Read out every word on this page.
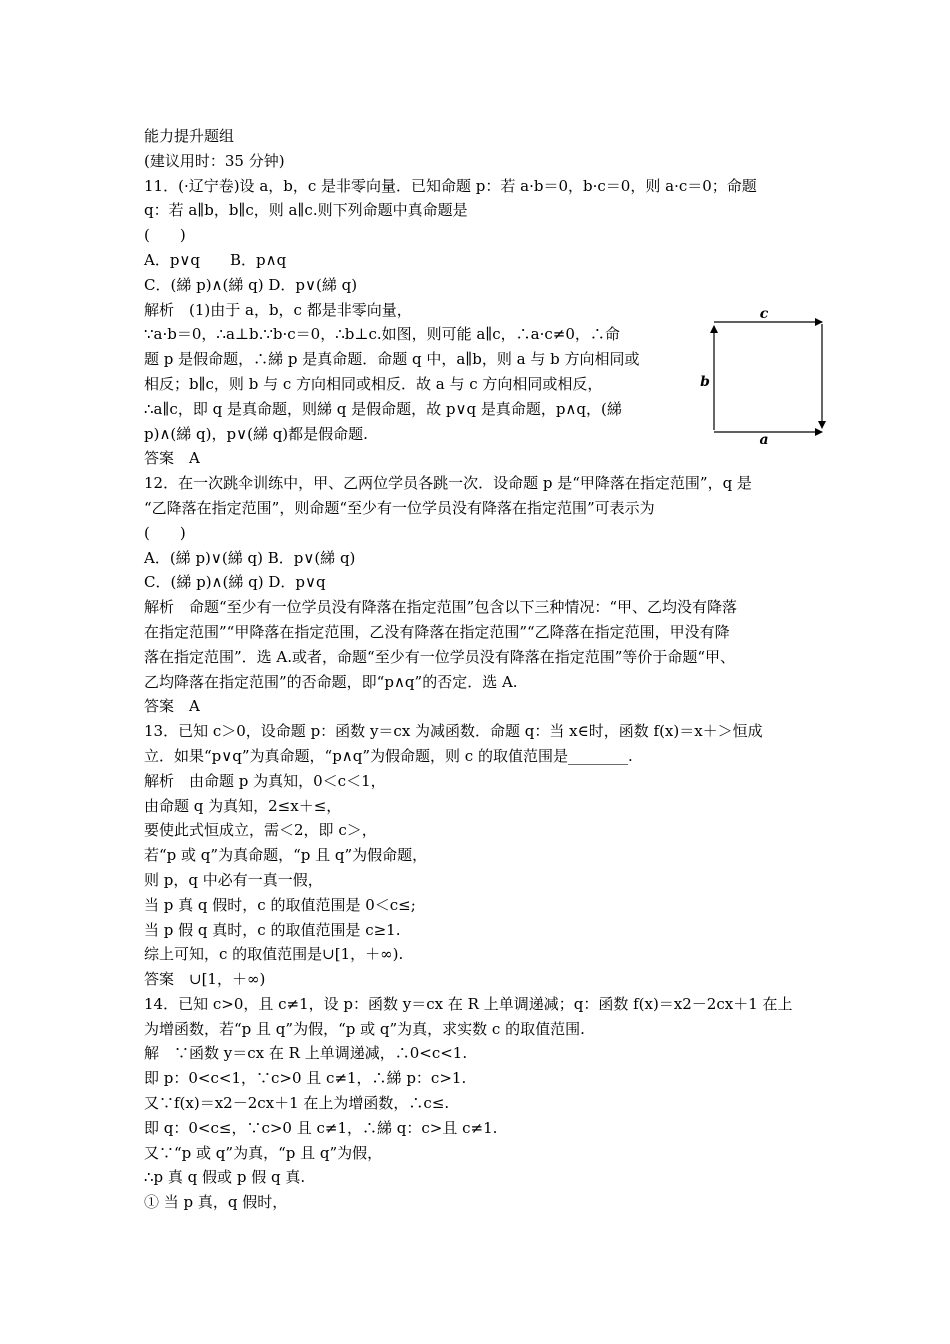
能力提升题组
(建议用时：35 分钟)
11．(·辽宁卷)设 a，b，c 是非零向量．已知命题 p：若 a·b＝0，b·c＝0，则 a·c＝0；命题
q：若 a∥b，b∥c，则 a∥c.则下列命题中真命题是
(　　)
A．p∨q　　B．p∧q
C．(綈 p)∧(綈 q) D．p∨(綈 q)
解析　(1)由于 a，b，c 都是非零向量，
∵a·b＝0，∴a⊥b.∵b·c＝0，∴b⊥c.如图，则可能 a∥c，∴a·c≠0，∴命
题 p 是假命题，∴綈 p 是真命题．命题 q 中，a∥b，则 a 与 b 方向相同或
相反；b∥c，则 b 与 c 方向相同或相反．故 a 与 c 方向相同或相反，
∴a∥c，即 q 是真命题，则綈 q 是假命题，故 p∨q 是真命题，p∧q，(綈
p)∧(綈 q)，p∨(綈 q)都是假命题.
答案　A
12．在一次跳伞训练中，甲、乙两位学员各跳一次．设命题 p 是“甲降落在指定范围”，q 是
“乙降落在指定范围”，则命题“至少有一位学员没有降落在指定范围”可表示为
(　　)
A．(綈 p)∨(綈 q) B．p∨(綈 q)
C．(綈 p)∧(綈 q) D．p∨q
解析　命题“至少有一位学员没有降落在指定范围”包含以下三种情况：“甲、乙均没有降落
在指定范围”“甲降落在指定范围，乙没有降落在指定范围”“乙降落在指定范围，甲没有降
落在指定范围”．选 A.或者，命题“至少有一位学员没有降落在指定范围”等价于命题“甲、
乙均降落在指定范围”的否命题，即“p∧q”的否定．选 A.
答案　A
13．已知 c＞0，设命题 p：函数 y＝cx 为减函数．命题 q：当 x∈时，函数 f(x)＝x＋＞恒成
立．如果“p∨q”为真命题，“p∧q”为假命题，则 c 的取值范围是________.
解析　由命题 p 为真知，0＜c＜1，
由命题 q 为真知，2≤x＋≤，
要使此式恒成立，需＜2，即 c＞，
若“p 或 q”为真命题，“p 且 q”为假命题，
则 p，q 中必有一真一假，
当 p 真 q 假时，c 的取值范围是 0＜c≤;
当 p 假 q 真时，c 的取值范围是 c≥1.
综上可知，c 的取值范围是∪[1，＋∞).
答案　∪[1，＋∞)
14．已知 c>0，且 c≠1，设 p：函数 y＝cx 在 R 上单调递减；q：函数 f(x)＝x2－2cx＋1 在上
为增函数，若“p 且 q”为假，“p 或 q”为真，求实数 c 的取值范围.
解　∵函数 y＝cx 在 R 上单调递减，∴0<c<1.
即 p：0<c<1，∵c>0 且 c≠1，∴綈 p：c>1.
又∵f(x)＝x2－2cx＋1 在上为增函数，∴c≤.
即 q：0<c≤，∵c>0 且 c≠1，∴綈 q：c>且 c≠1.
又∵“p 或 q”为真，“p 且 q”为假，
∴p 真 q 假或 p 假 q 真.
① 当 p 真，q 假时，
c
b
a
